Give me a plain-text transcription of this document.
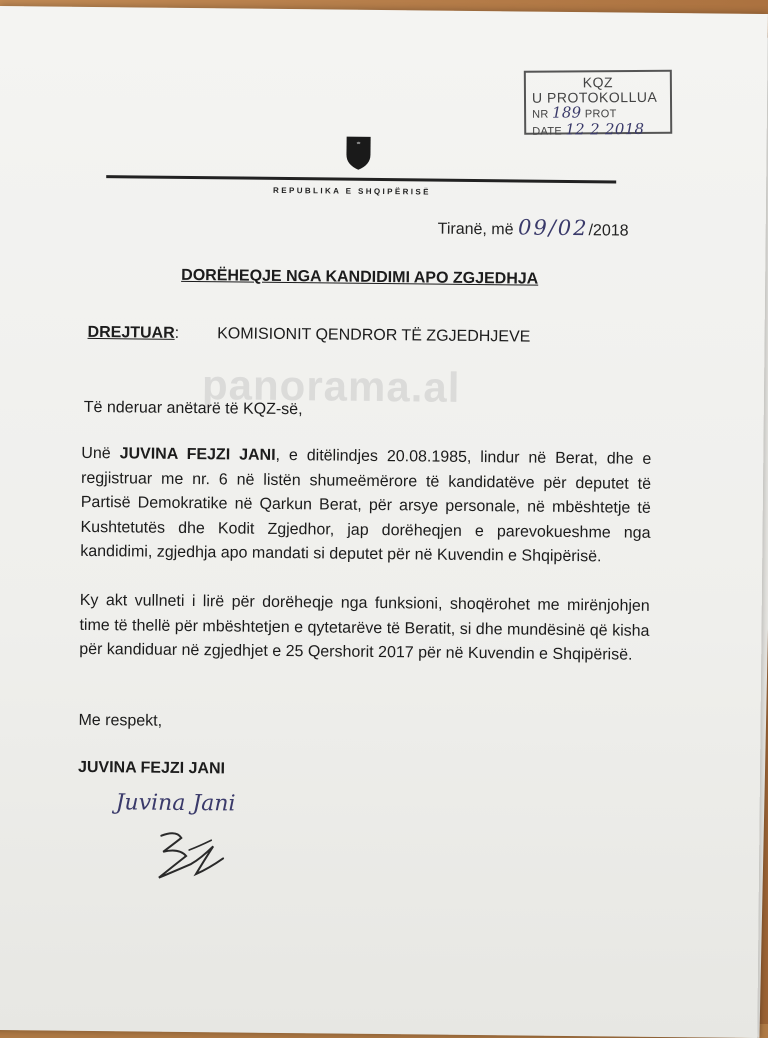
KQZ
U PROTOKOLLUA
NR 189 PROT
DATE 12 2 2018
REPUBLIKA E SHQIPËRISË
Tiranë, më 09/02/2018
DORËHEQJE NGA KANDIDIMI APO ZGJEDHJA
DREJTUAR: KOMISIONIT QENDROR TË ZGJEDHJEVE
panorama.al
Të nderuar anëtarë të KQZ-së,
Unë JUVINA FEJZI JANI, e ditëlindjes 20.08.1985, lindur në Berat, dhe e regjistruar me nr. 6 në listën shumeëmërore të kandidatëve për deputet të Partisë Demokratike në Qarkun Berat, për arsye personale, në mbështetje të Kushtetutës dhe Kodit Zgjedhor, jap dorëheqjen e parevokueshme nga kandidimi, zgjedhja apo mandati si deputet për në Kuvendin e Shqipërisë.
Ky akt vullneti i lirë për dorëheqje nga funksioni, shoqërohet me mirënjohjen time të thellë për mbështetjen e qytetarëve të Beratit, si dhe mundësinë që kisha për kandiduar në zgjedhjet e 25 Qershorit 2017 për në Kuvendin e Shqipërisë.
Me respekt,
JUVINA FEJZI JANI
Juvina Jani
